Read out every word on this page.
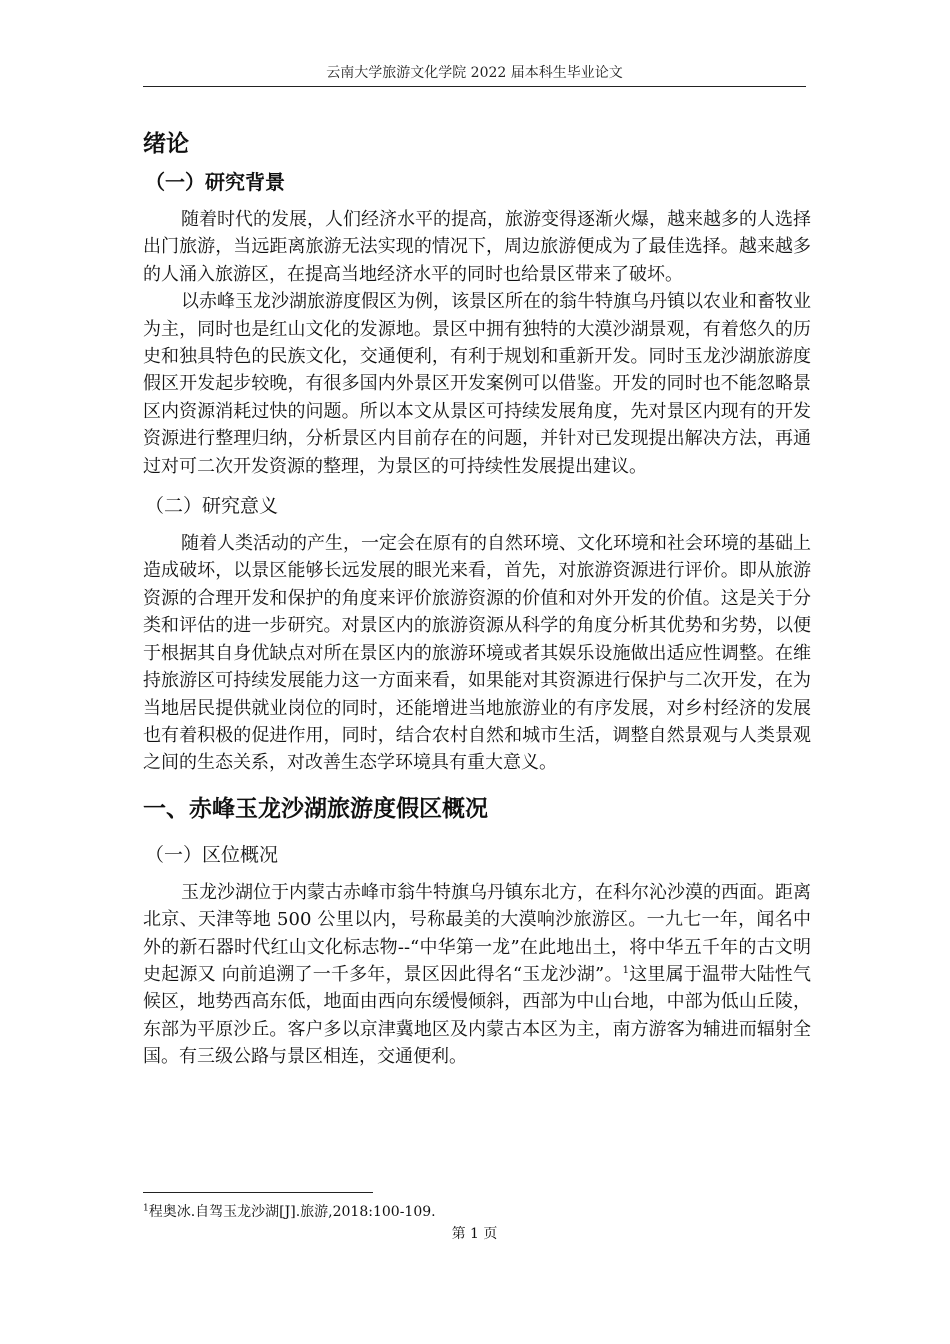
云南大学旅游文化学院 2022 届本科生毕业论文
绪论
（一）研究背景

随着时代的发展，人们经济水平的提高，旅游变得逐渐火爆，越来越多的人选择出门旅游，当远距离旅游无法实现的情况下，周边旅游便成为了最佳选择。越来越多的人涌入旅游区，在提高当地经济水平的同时也给景区带来了破坏。

以赤峰玉龙沙湖旅游度假区为例，该景区所在的翁牛特旗乌丹镇以农业和畜牧业为主，同时也是红山文化的发源地。景区中拥有独特的大漠沙湖景观，有着悠久的历史和独具特色的民族文化，交通便利，有利于规划和重新开发。同时玉龙沙湖旅游度假区开发起步较晚，有很多国内外景区开发案例可以借鉴。开发的同时也不能忽略景区内资源消耗过快的问题。所以本文从景区可持续发展角度，先对景区内现有的开发资源进行整理归纳，分析景区内目前存在的问题，并针对已发现提出解决方法，再通过对可二次开发资源的整理，为景区的可持续性发展提出建议。

（二）研究意义

随着人类活动的产生，一定会在原有的自然环境、文化环境和社会环境的基础上造成破坏，以景区能够长远发展的眼光来看，首先，对旅游资源进行评价。即从旅游资源的合理开发和保护的角度来评价旅游资源的价值和对外开发的价值。这是关于分类和评估的进一步研究。对景区内的旅游资源从科学的角度分析其优势和劣势，以便于根据其自身优缺点对所在景区内的旅游环境或者其娱乐设施做出适应性调整。在维持旅游区可持续发展能力这一方面来看，如果能对其资源进行保护与二次开发，在为当地居民提供就业岗位的同时，还能增进当地旅游业的有序发展，对乡村经济的发展也有着积极的促进作用，同时，结合农村自然和城市生活，调整自然景观与人类景观之间的生态关系，对改善生态学环境具有重大意义。

一、赤峰玉龙沙湖旅游度假区概况
（一）区位概况

玉龙沙湖位于内蒙古赤峰市翁牛特旗乌丹镇东北方，在科尔沁沙漠的西面。距离北京、天津等地 500 公里以内，号称最美的大漠响沙旅游区。一九七一年，闻名中外的新石器时代红山文化标志物--“中华第一龙”在此地出土，将中华五千年的古文明史起源又 向前追溯了一千多年，景区因此得名“玉龙沙湖”。$^1$这里属于温带大陆性气候区，地势西高东低，地面由西向东缓慢倾斜，西部为中山台地，中部为低山丘陵，东部为平原沙丘。客户多以京津冀地区及内蒙古本区为主，南方游客为辅进而辐射全国。有三级公路与景区相连，交通便利。

$^1$程奥冰.自驾玉龙沙湖[J].旅游,2018:100-109.
第 1 页
